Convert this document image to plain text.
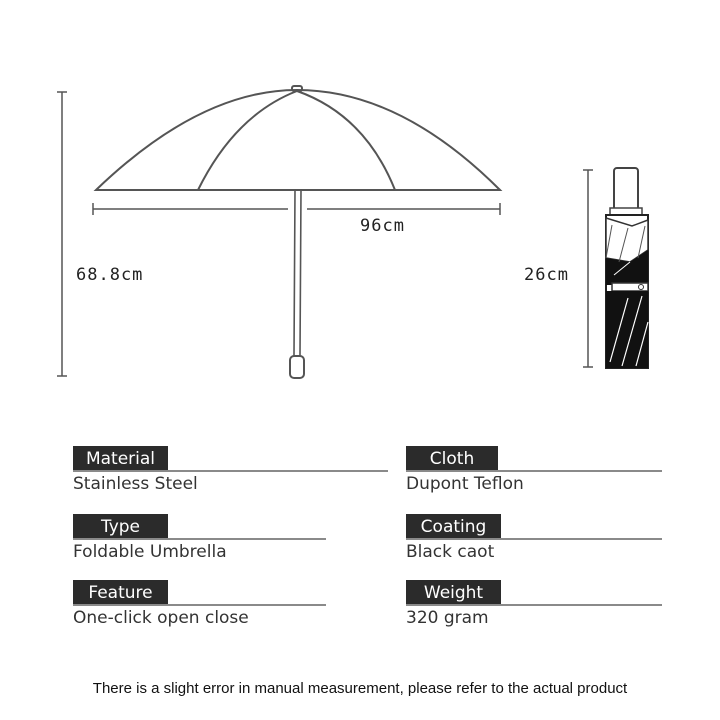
68.8cm
96cm
26cm
Material
Stainless Steel
Cloth
Dupont Teflon
Type
Foldable Umbrella
Coating
Black caot
Feature
One-click open close
Weight
320 gram
There is a slight error in manual measurement, please refer to the actual product
